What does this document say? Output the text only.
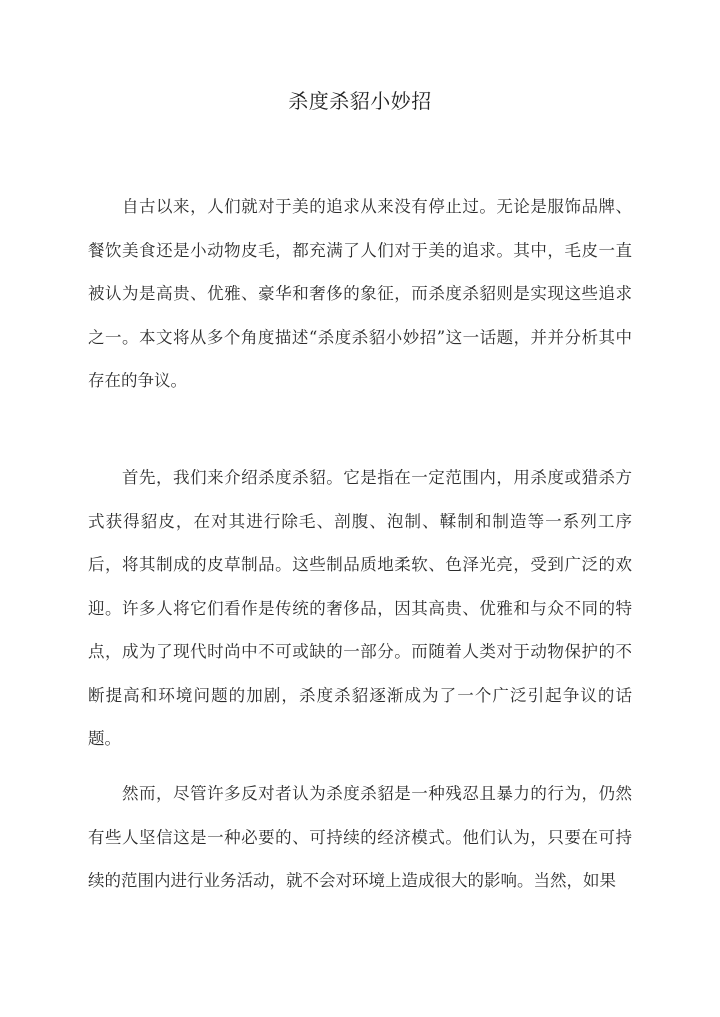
杀度杀貂小妙招
自古以来，人们就对于美的追求从来没有停止过。无论是服饰品牌、餐饮美食还是小动物皮毛，都充满了人们对于美的追求。其中，毛皮一直被认为是高贵、优雅、豪华和奢侈的象征，而杀度杀貂则是实现这些追求之一。本文将从多个角度描述“杀度杀貂小妙招”这一话题，并并分析其中存在的争议。
首先，我们来介绍杀度杀貂。它是指在一定范围内，用杀度或猎杀方式获得貂皮，在对其进行除毛、剖腹、泡制、鞣制和制造等一系列工序后，将其制成的皮草制品。这些制品质地柔软、色泽光亮，受到广泛的欢迎。许多人将它们看作是传统的奢侈品，因其高贵、优雅和与众不同的特点，成为了现代时尚中不可或缺的一部分。而随着人类对于动物保护的不断提高和环境问题的加剧，杀度杀貂逐渐成为了一个广泛引起争议的话题。
然而，尽管许多反对者认为杀度杀貂是一种残忍且暴力的行为，仍然有些人坚信这是一种必要的、可持续的经济模式。他们认为，只要在可持续的范围内进行业务活动，就不会对环境上造成很大的影响。当然，如果
